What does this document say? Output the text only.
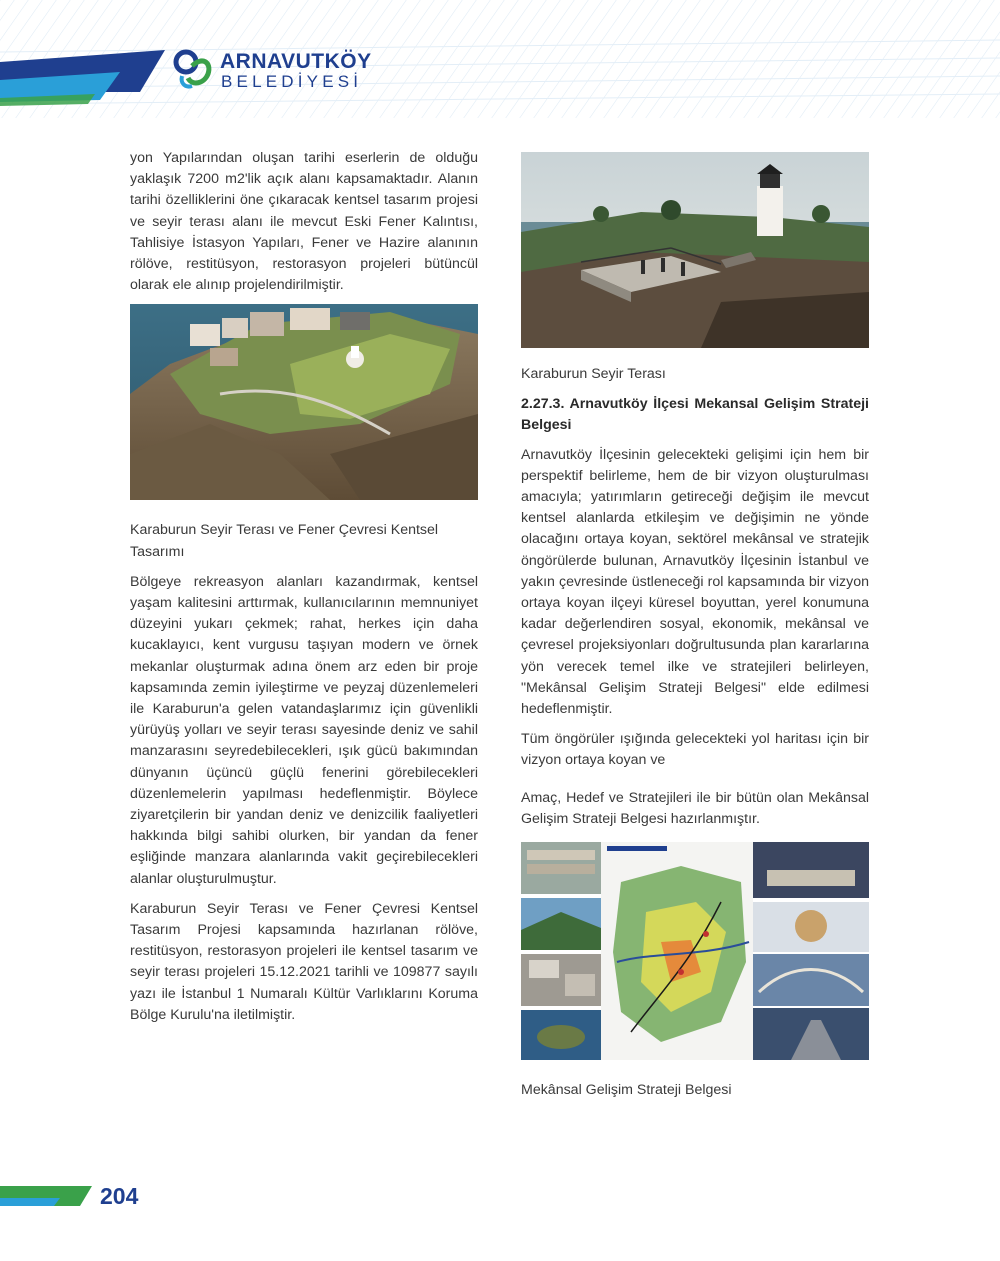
ARNAVUTKÖY
BELEDİYESİ

yon Yapılarından oluşan tarihi eserlerin de olduğu yaklaşık 7200 m2'lik açık alanı kapsamaktadır. Alanın tarihi özelliklerini öne çıkaracak kentsel tasarım projesi ve seyir terası alanı ile mevcut Eski Fener Kalıntısı, Tahlisiye İstasyon Yapıları, Fener ve Hazire alanının rölöve, restitüsyon, restorasyon projeleri bütüncül olarak ele alınıp projelendirilmiştir.

Karaburun Seyir Terası ve Fener Çevresi Kentsel Tasarımı

Bölgeye rekreasyon alanları kazandırmak, kentsel yaşam kalitesini arttırmak, kullanıcılarının memnuniyet düzeyini yukarı çekmek; rahat, herkes için daha kucaklayıcı, kent vurgusu taşıyan modern ve örnek mekanlar oluşturmak adına önem arz eden bir proje kapsamında zemin iyileştirme ve peyzaj düzenlemeleri ile Karaburun'a gelen vatandaşlarımız için güvenlikli yürüyüş yolları ve seyir terası sayesinde deniz ve sahil manzarasını seyredebilecekleri, ışık gücü bakımından dünyanın üçüncü güçlü fenerini görebilecekleri düzenlemelerin yapılması hedeflenmiştir. Böylece ziyaretçilerin bir yandan deniz ve denizcilik faaliyetleri hakkında bilgi sahibi olurken, bir yandan da fener eşliğinde manzara alanlarında vakit geçirebilecekleri alanlar oluşturulmuştur.

Karaburun Seyir Terası ve Fener Çevresi Kentsel Tasarım Projesi kapsamında hazırlanan rölöve, restitüsyon, restorasyon projeleri ile kentsel tasarım ve seyir terası projeleri 15.12.2021 tarihli ve 109877 sayılı yazı ile İstanbul 1 Numaralı Kültür Varlıklarını Koruma Bölge Kurulu'na iletilmiştir.

Karaburun Seyir Terası

2.27.3. Arnavutköy İlçesi Mekansal Gelişim Strateji Belgesi

Arnavutköy İlçesinin gelecekteki gelişimi için hem bir perspektif belirleme, hem de bir vizyon oluşturulması amacıyla; yatırımların getireceği değişim ile mevcut kentsel alanlarda etkileşim ve değişimin ne yönde olacağını ortaya koyan, sektörel mekânsal ve stratejik öngörülerde bulunan, Arnavutköy İlçesinin İstanbul ve yakın çevresinde üstleneceği rol kapsamında bir vizyon ortaya koyan ilçeyi küresel boyuttan, yerel konumuna kadar değerlendiren sosyal, ekonomik, mekânsal ve çevresel projeksiyonları doğrultusunda plan kararlarına yön verecek temel ilke ve stratejileri belirleyen, "Mekânsal Gelişim Strateji Belgesi" elde edilmesi hedeflenmiştir.

Tüm öngörüler ışığında gelecekteki yol haritası için bir vizyon ortaya koyan ve

Amaç, Hedef ve Stratejileri ile bir bütün olan Mekânsal Gelişim Strateji Belgesi hazırlanmıştır.

Mekânsal Gelişim Strateji Belgesi

204
